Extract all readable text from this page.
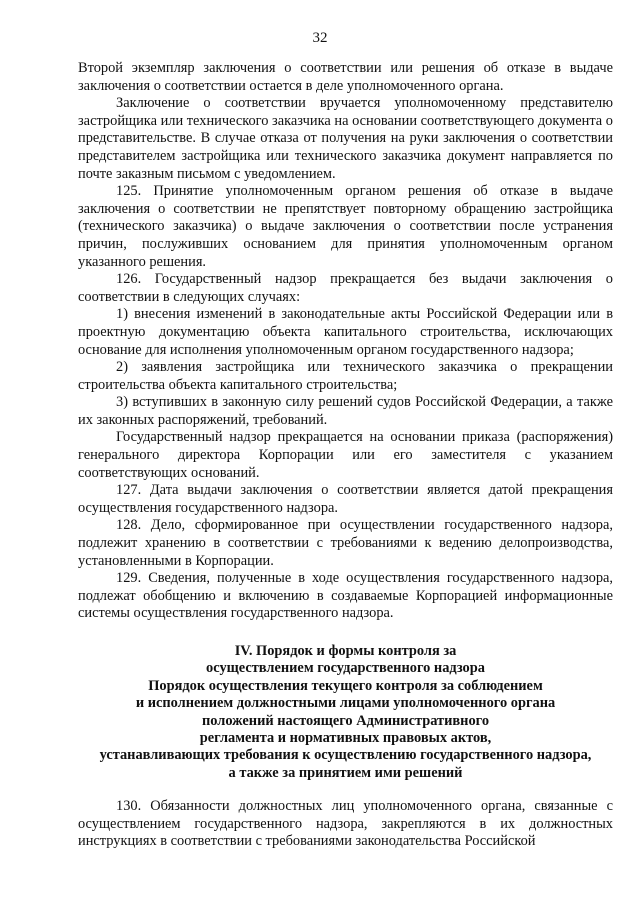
32

Второй экземпляр заключения о соответствии или решения об отказе в выдаче заключения о соответствии остается в деле уполномоченного органа.

Заключение о соответствии вручается уполномоченному представителю застройщика или технического заказчика на основании соответствующего документа о представительстве. В случае отказа от получения на руки заключения о соответствии представителем застройщика или технического заказчика документ направляется по почте заказным письмом с уведомлением.

125. Принятие уполномоченным органом решения об отказе в выдаче заключения о соответствии не препятствует повторному обращению застройщика (технического заказчика) о выдаче заключения о соответствии после устранения причин, послуживших основанием для принятия уполномоченным органом указанного решения.

126. Государственный надзор прекращается без выдачи заключения о соответствии в следующих случаях:

1) внесения изменений в законодательные акты Российской Федерации или в проектную документацию объекта капитального строительства, исключающих основание для исполнения уполномоченным органом государственного надзора;

2) заявления застройщика или технического заказчика о прекращении строительства объекта капитального строительства;

3) вступивших в законную силу решений судов Российской Федерации, а также их законных распоряжений, требований.

Государственный надзор прекращается на основании приказа (распоряжения) генерального директора Корпорации или его заместителя с указанием соответствующих оснований.

127. Дата выдачи заключения о соответствии является датой прекращения осуществления государственного надзора.

128. Дело, сформированное при осуществлении государственного надзора, подлежит хранению в соответствии с требованиями к ведению делопроизводства, установленными в Корпорации.

129. Сведения, полученные в ходе осуществления государственного надзора, подлежат обобщению и включению в создаваемые Корпорацией информационные системы осуществления государственного надзора.

IV. Порядок и формы контроля за
осуществлением государственного надзора
Порядок осуществления текущего контроля за соблюдением
и исполнением должностными лицами уполномоченного органа
положений настоящего Административного
регламента и нормативных правовых актов,
устанавливающих требования к осуществлению государственного надзора,
а также за принятием ими решений

130. Обязанности должностных лиц уполномоченного органа, связанные с осуществлением государственного надзора, закрепляются в их должностных инструкциях в соответствии с требованиями законодательства Российской
